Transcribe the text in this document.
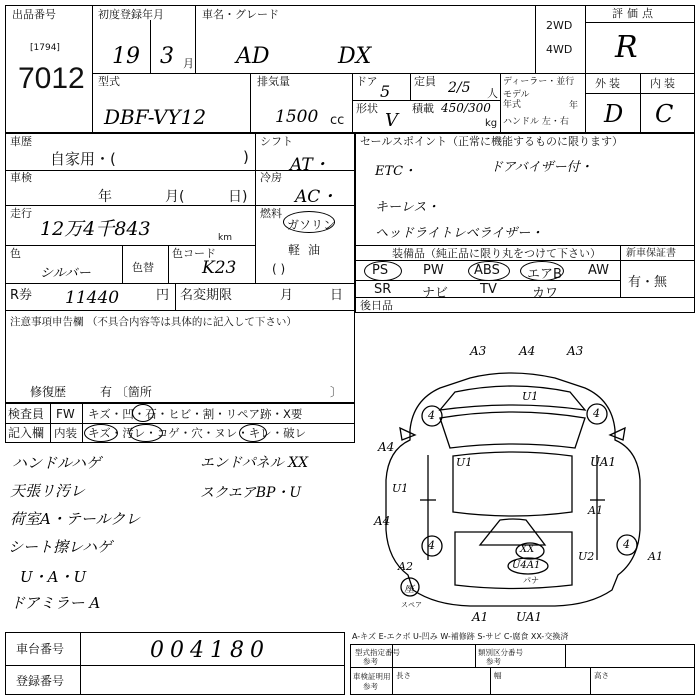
出品番号
[1794]
7012
初度登録年月
19 3 月
車名・グレード
AD	DX
2WD
4WD
評価点
R
型式
DBF-VY12
排気量
1500 cc
ドア
5
定員 2/5 人
形状
V
積載 450/300
kg
ディーラー・並行
モデル年式	年
ハンドル 左・右
外装 内装
D C
車歴
自家用・(	)
シフト
AT・
車検
年	月(	日)
冷房
AC・
走行
12万4千843	km
燃料
ガソリン
軽油
( )
色
シルバー	色替
色コード
K23
R券 11440	円 名変期限	月	日
注意事項申告欄 （不具合内容等は具体的に記入して下さい）
修復歴	有 〔箇所	〕
セールスポイント（正常に機能するものに限ります）
ETC・	ドアバイザー付・
キーレス・
ヘッドライトレベライザー・
装備品（純正品に限り丸をつけて下さい）	新車保証書
有・無
PS	PW ABS エアB AW
SR ナビ TV	カワ
後日品
検査員
記入欄
FW キズ・凹・石・ヒビ・割・リペア跡・X要
内装 キズ・汚レ・コゲ・穴・ヌレ・キレ・破レ
ハンドルハゲ
天張リ汚レ
荷室A・テールクレ
シート擦レハゲ
U・A・U
ドアミラー A
エンドパネル XX
スクエアBP・U
A3	A4	A3
U1
4	4
A4
U1	UA1
U1
A1
A4
4	4
A2
XX
U4A1
U2	A1
A1 UA1
座
スペア
パナ
A-キズ E-エクボ U-凹み W-補修跡 S-サビ C-腐食 XX-交換済
車台番号	004180
登録番号
型式指定番号
参考
類別区分番号
参考
車検証明用
参考
長さ	幅	高さ
